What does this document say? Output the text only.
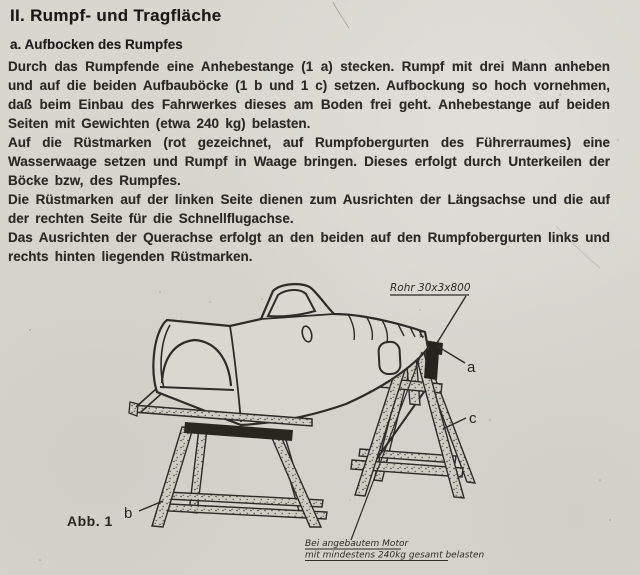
II. Rumpf- und Tragfläche
a. Aufbocken des Rumpfes

Durch das Rumpfende eine Anhebestange (1 a) stecken. Rumpf mit drei Mann anheben und auf die beiden Aufbauböcke (1 b und 1 c) setzen. Aufbockung so hoch vornehmen, daß beim Einbau des Fahrwerkes dieses am Boden frei geht. Anhebestange auf beiden Seiten mit Gewichten (etwa 240 kg) belasten.

Auf die Rüstmarken (rot gezeichnet, auf Rumpfobergurten des Führerraumes) eine Wasserwaage setzen und Rumpf in Waage bringen. Dieses erfolgt durch Unterkeilen der Böcke bzw, des Rumpfes.

Die Rüstmarken auf der linken Seite dienen zum Ausrichten der Längsachse und die auf der rechten Seite für die Schnellflugachse.

Das Ausrichten der Querachse erfolgt an den beiden auf den Rumpfobergurten links und rechts hinten liegenden Rüstmarken.

Rohr 30x3x800
t,
a
c
b
Abb. 1
Bei angebautem Motor
mit mindestens 240kg gesamt belasten
